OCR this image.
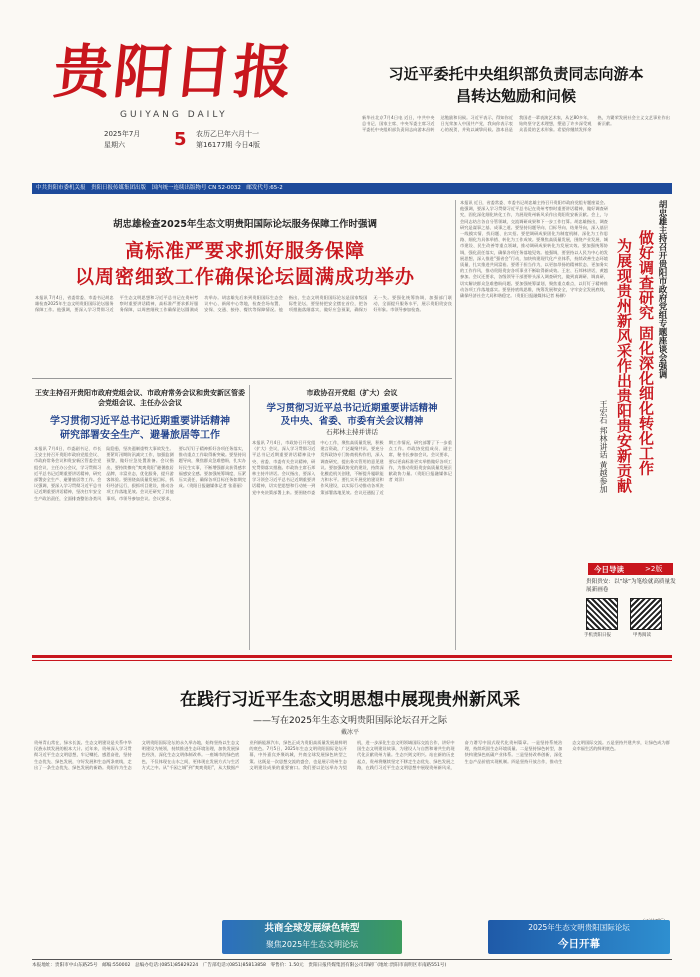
贵阳日报
GUIYANG DAILY
2025年7月
星期六	5 农历乙巳年六月十一
第16177期 今日4版
习近平委托中央组织部负责同志向游本昌转达勉励和问候
新华社北京7月4日电 近日，中共中央总书记、国家主席、中央军委主席习近平委托中央组织部负责同志向游本昌转达勉励和问候。习近平表示，得知你近日光荣加入中国共产党，我向你表示衷心的祝贺，并致以诚挚问候。游本昌是我国老一辈表演艺术家，从艺80多年，始终坚守艺术理想，塑造了许多深受观众喜爱的艺术形象。希望你继续发挥余热，为繁荣发展社会主义文艺事业作出新贡献。
中共贵阳市委机关报　贵阳日报传媒集团出版　国内统一连续出版物号 CN 52-0032　邮发代号:65-2
胡忠雄检查2025年生态文明贵阳国际论坛服务保障工作时强调
高标准严要求抓好服务保障
以周密细致工作确保论坛圆满成功举办
本报讯 7月4日，省委常委、市委书记胡忠雄检查2025年生态文明贵阳国际论坛服务保障工作。他强调，要深入学习贯彻习近平生态文明思想和习近平总书记在贵州考察时重要讲话精神，高标准严要求抓好服务保障，以周密细致工作确保论坛圆满成功举办。胡忠雄先后来到贵阳国际生态会议中心、新闻中心等地，检查会场布置、安保、交通、接待、餐饮等保障情况。他指出，生态文明贵阳国际论坛是国家级国际性论坛，要坚持把安全摆在首位，把各项措施落细落实，做好应急预案，确保万无一失。要强化统筹协调，加强部门联动，全面提升服务水平，展示贵阳贵安良好形象。市领导参加检查。
王安主持召开贵阳市政府党组会议、市政府常务会议和贵安新区管委会党组会议、主任办公会议
学习贯彻习近平总书记近期重要讲话精神
研究部署安全生产、避暑旅居等工作
本报讯 7月4日，市委副书记、市长王安主持召开贵阳市政府党组会议、市政府常务会议和贵安新区管委会党组会议、主任办公会议，学习贯彻习近平总书记近期重要讲话精神，研究部署安全生产、避暑旅居等工作。会议强调，要深入学习贯彻习近平总书记近期重要讲话精神，坚决扛牢安全生产政治责任，全面排查整治各类风险隐患，坚决遏制重特大事故发生。要紧盯汛期防汛减灾工作，加强监测预警，做好应急处置准备。会议指出，要持续擦亮“爽爽贵阳”避暑旅居品牌，丰富业态，优化服务，提升游客体验。要围绕高质量发展目标，抓好经济运行，狠抓项目建设，推动各项工作落地见效。会议还研究了其他事项。市领导参加会议。会议要求，要以钉钉子精神抓好各项任务落实，推动重点工作取得新突破。要坚持问题导向，聚焦群众急难愁盼，扎实办好民生实事，不断增强群众获得感幸福感安全感。要加强统筹调度，压紧压实责任，确保各项目标任务如期完成。（贵阳日报融媒体记者 张嘉丽）
市政协召开党组（扩大）会议
学习贯彻习近平总书记近期重要讲话精神
及中央、省委、市委有关会议精神
石邦林主持并讲话
本报讯 7月4日，市政协召开党组（扩大）会议，深入学习贯彻习近平总书记近期重要讲话精神及中央、省委、市委有关会议精神，研究贯彻落实措施。市政协主席石邦林主持并讲话。会议指出，要深入学习领会习近平总书记近期重要讲话精神，切实把思想和行动统一到党中央决策部署上来。要围绕市委中心工作，聚焦高质量发展，积极建言资政，广泛凝聚共识。要充分发挥政协专门协商机构作用，深入调查研究，提出务实管用的意见建议。要加强政协党的建设，持续深化模范机关创建，不断提升履职能力和水平。要扎实开展党的建设和作风建设，以实际行动推动各项决策部署落地见效。会议还通报了近期工作情况，研究部署了下一步重点工作。市政协党组成员、副主席，秘书长参加会议。会议要求，要以更高标准更实举措做好各项工作，为推动贵阳贵安高质量发展贡献政协力量。（贵阳日报融媒体记者 刘洋）
本报讯 近日，省委常委、市委书记胡忠雄主持召开贵阳市政府党组专题座谈会。他强调，要深入学习贯彻习近平总书记在贵州考察时重要讲话精神，做好调查研究，固化深化细化转化工作，为展现贵州新风采作出贵阳贵安新贡献。会上，与会同志结合各自分管领域，交流调研成果和下一步工作打算。胡忠雄指出，调查研究是谋事之基、成事之道。要坚持问题导向、目标导向、结果导向，深入基层一线摸实情、找问题、出实招。要把调研成果固化为制度机制、深化为工作思路、细化为具体举措、转化为工作成效。要聚焦高质量发展，围绕产业发展、城市建设、民生改善等重点领域，推动调研成果转化为发展实效。要加强统筹协调，强化责任落实，确保各项任务落地见效。他强调，要坚持以人民为中心的发展思想，深入推进“强省会”行动，加快构建现代化产业体系，持续改善生态环境质量，扎实推进共同富裕。要勇于担当作为，以更加昂扬的精神状态、更加务实的工作作风，推动贵阳贵安各项事业不断取得新成效。王宏、石邦林讲话，黄越参加。会议还要求，各级领导干部要带头深入调查研究，做到真调研、调真研，切实解决群众急难愁盼问题。要加强统筹谋划，聚焦重点难点，以钉钉子精神推动各项工作落地落实。要坚持底线思维，统筹发展和安全，守牢安全发展底线，确保经济社会大局和谐稳定。（贵阳日报融媒体记者 杨柳）	胡忠雄主持召开贵阳市政府党组专题座谈会强调
做好调查研究 固化深化细化转化工作
为展现贵州新风采作出贵阳贵安新贡献
王宏石 邦林讲话 黄越参加
今日导读	>2版
贵阳贵安：以“绿”为笔绘就高质量发展新画卷
手机贵阳日报	甲秀阅读
在践行习近平生态文明思想中展现贵州新风采
——写在2025年生态文明贵阳国际论坛召开之际
戴冰平
贵州青山常在，绿水长流。生态文明建设是关系中华民族永续发展的根本大计。近年来，贵州深入学习贯彻习近平生态文明思想，牢记嘱托、感恩奋进，坚持生态优先、绿色发展，守好发展和生态两条底线，走出了一条生态优先、绿色发展的新路。贵阳作为生态文明贵阳国际论坛的永久举办地，始终坚持以生态文明建设为统领，持续推进生态环境治理，加快发展绿色经济，深化生态文明体制改革。一座城市的绿色底色，不仅体现在山水之间，更体现在发展方式与生活方式之中。从“千园之城”到“爽爽贵阳”，从大数据产业到新能源汽车，绿色正成为贵阳高质量发展最鲜明的底色。7月5日，2025年生态文明贵阳国际论坛开幕，中外嘉宾齐聚筑城，共商全球发展绿色转型之策。这既是一次思想交流的盛会，也是展示贵州生态文明建设成果的重要窗口。我们要以论坛举办为契机，进一步深化生态文明领域国际交流合作，讲好中国生态文明建设故事，为建设人与自然和谐共生的现代化贡献贵州力量。生态兴则文明兴。站在新的历史起点，贵州将继续坚定不移走生态优先、绿色发展之路，在践行习近平生态文明思想中展现贵州新风采，奋力谱写中国式现代化贵州篇章。一是坚持系统治理，持续巩固生态环境质量。二是坚持绿色转型，加快构建绿色低碳产业体系。三是坚持改革创新，深化生态产品价值实现机制。四是坚持开放合作，推动生态文明国际交流。五是坚持共建共享，让绿色成为群众幸福生活的鲜明底色。
共商全球发展绿色转型
聚焦2025年生态文明论坛
2025年生态文明贵阳国际论坛
今日开幕
本报地址：贵阳市中山东路25号　邮编:550002　总编办电话:(0851)85829224　广告部电话:(0851)85813858　零售价：1.50元　贵阳日报传媒集团有限公司印刷厂(地址:贵阳市南明区市南路551号)
